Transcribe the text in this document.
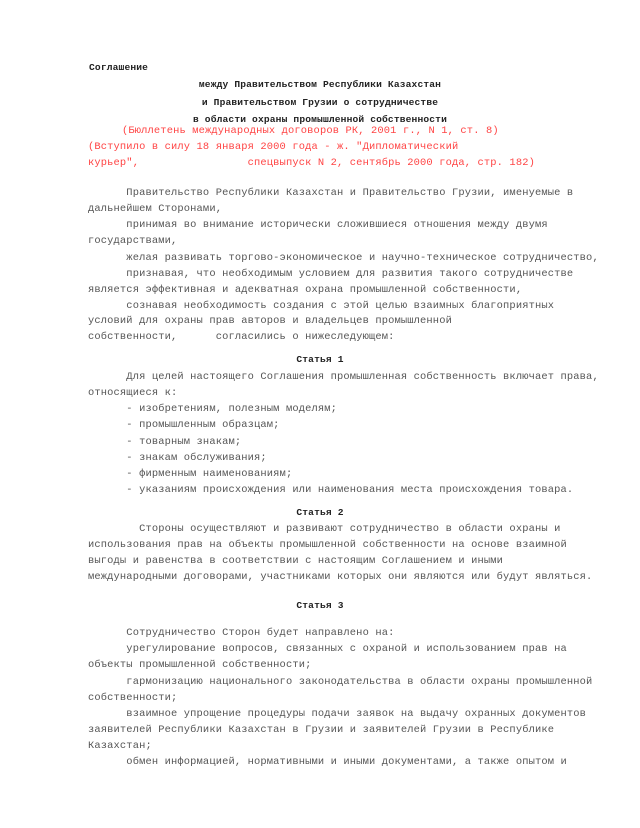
Соглашение
между Правительством Республики Казахстан
и Правительством Грузии о сотрудничестве
в области охраны промышленной собственности
(Бюллетень международных договоров РК, 2001 г., N 1, ст. 8)
(Вступило в силу 18 января 2000 года - ж. "Дипломатический
курьер",                 спецвыпуск N 2, сентябрь 2000 года, стр. 182)
Правительство Республики Казахстан и Правительство Грузии, именуемые в
дальнейшем Сторонами,
принимая во внимание исторически сложившиеся отношения между двумя
государствами,
желая развивать торгово-экономическое и научно-техническое сотрудничество,
признавая, что необходимым условием для развития такого сотрудничестве
является эффективная и адекватная охрана промышленной собственности,
сознавая необходимость создания с этой целью взаимных благоприятных
условий для охраны прав авторов и владельцев промышленной
собственности,      согласились о нижеследующем:
Статья 1
Для целей настоящего Соглашения промышленная собственность включает права,
относящиеся к:
- изобретениям, полезным моделям;
- промышленным образцам;
- товарным знакам;
- знакам обслуживания;
- фирменным наименованиям;
- указаниям происхождения или наименования места происхождения товара.
Статья 2
Стороны осуществляют и развивают сотрудничество в области охраны и
использования прав на объекты промышленной собственности на основе взаимной
выгоды и равенства в соответствии с настоящим Соглашением и иными
международными договорами, участниками которых они являются или будут являться.
Статья 3
Сотрудничество Сторон будет направлено на:
урегулирование вопросов, связанных с охраной и использованием прав на
объекты промышленной собственности;
гармонизацию национального законодательства в области охраны промышленной
собственности;
взаимное упрощение процедуры подачи заявок на выдачу охранных документов
заявителей Республики Казахстан в Грузии и заявителей Грузии в Республике
Казахстан;
обмен информацией, нормативными и иными документами, а также опытом и
